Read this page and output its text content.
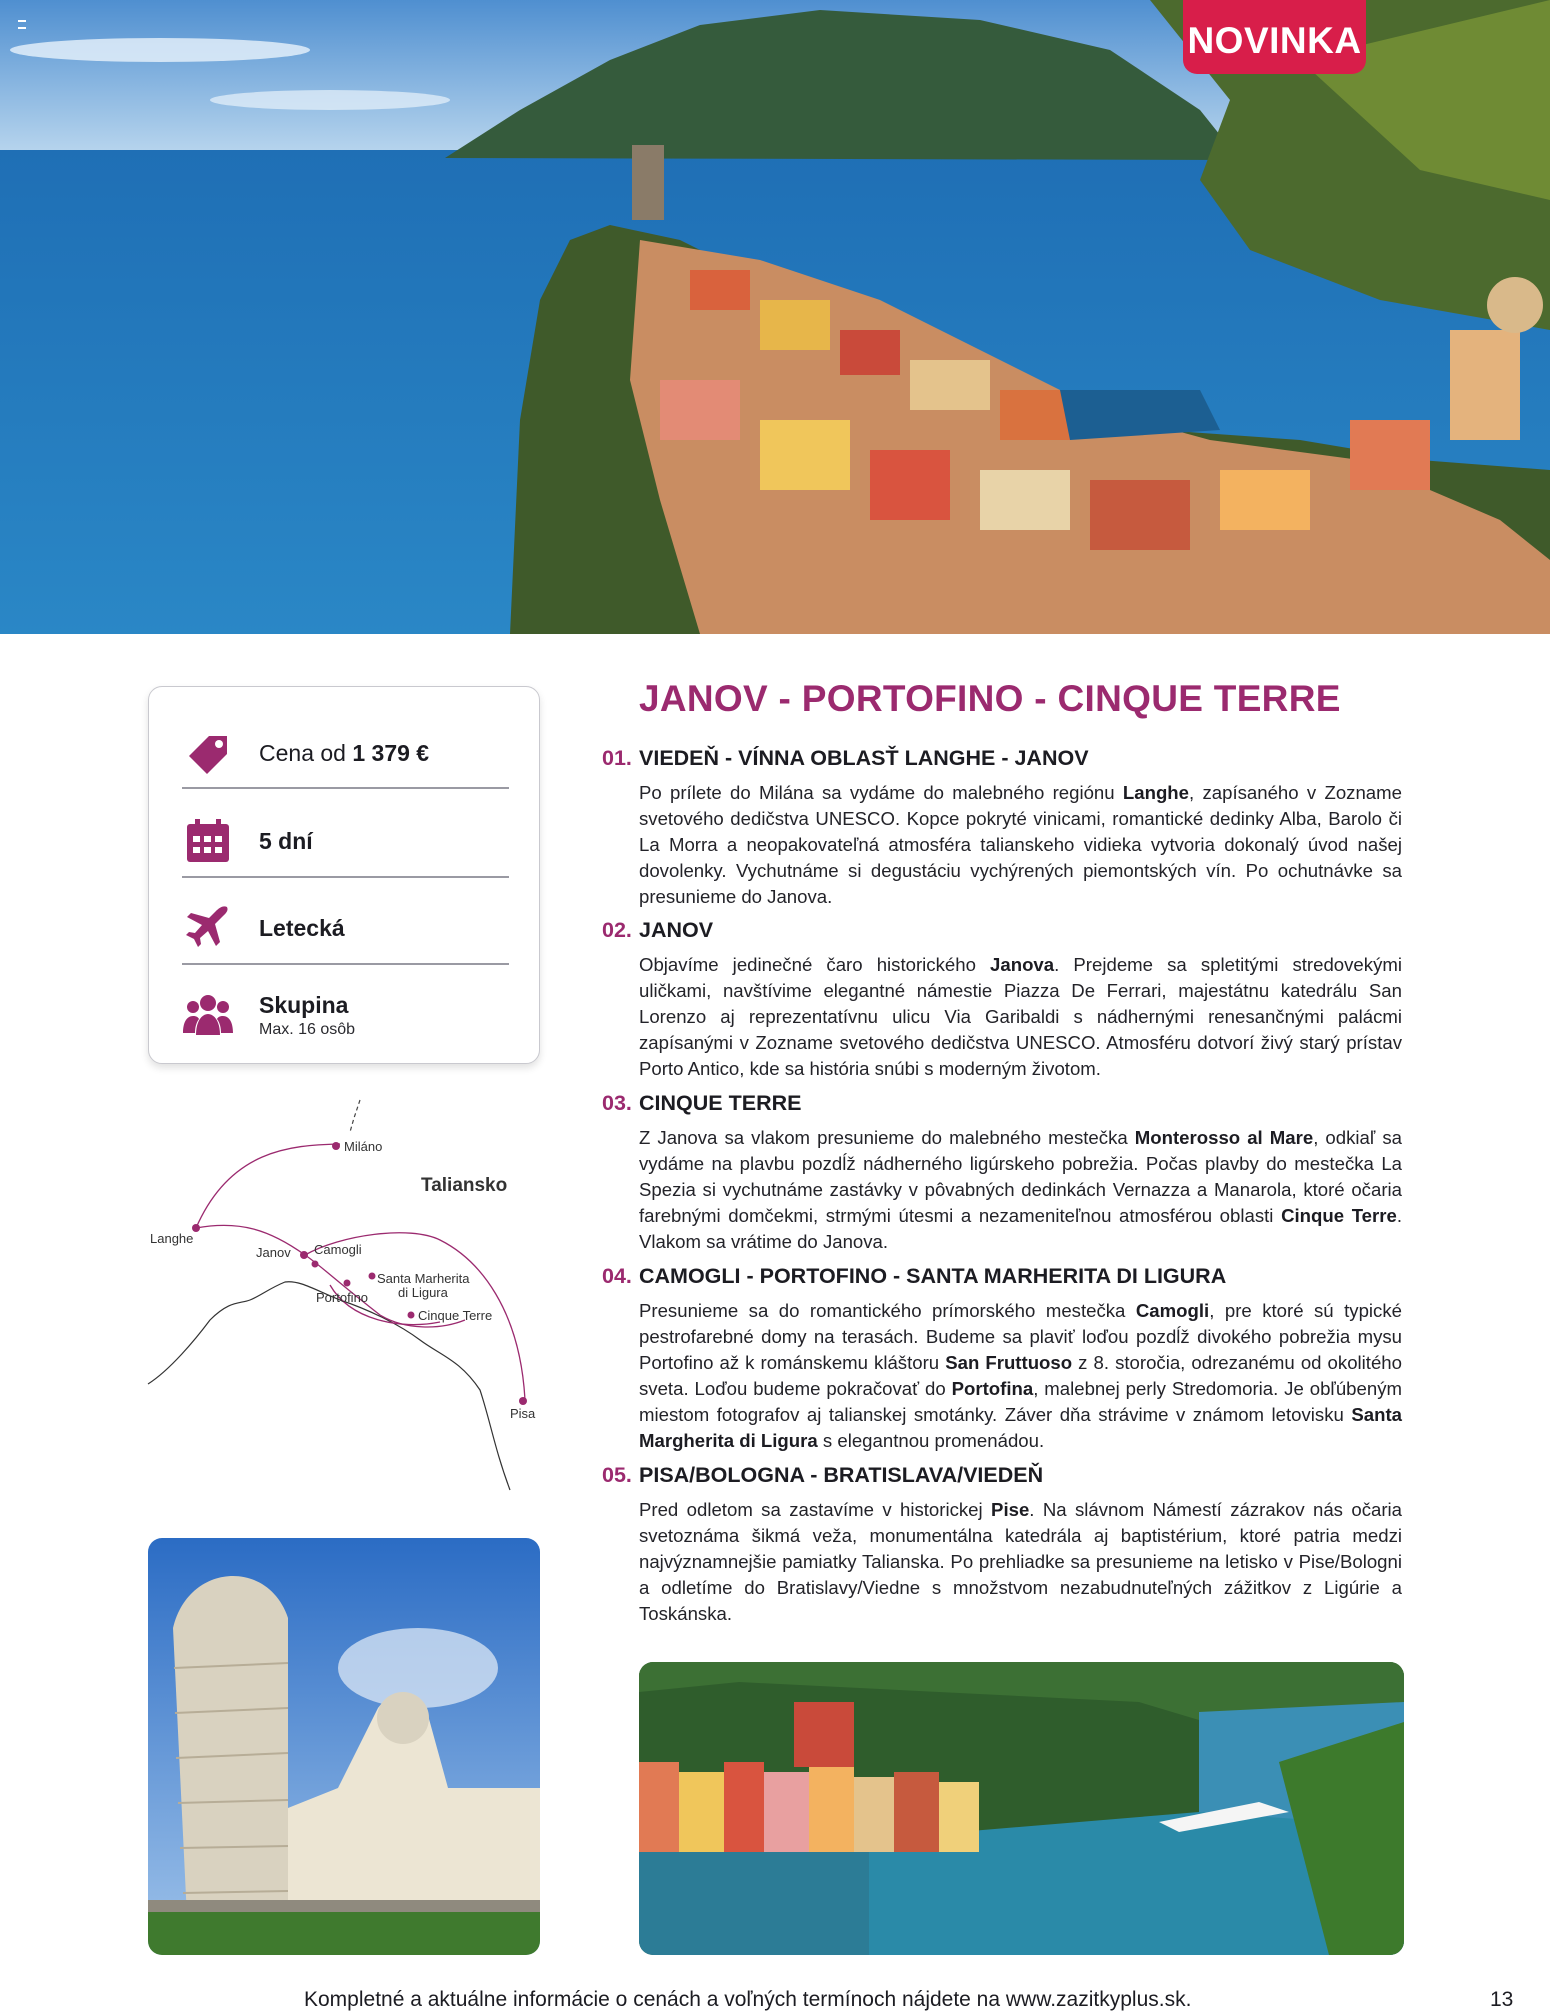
NOVINKA
Cena od 1 379 €
5 dní
Letecká
Skupina
Max. 16 osôb
Miláno
Langhe
Janov Camogli
Portofino
Santa Marherita
di Ligura
Cinque Terre
Pisa
Taliansko
JANOV - PORTOFINO - CINQUE TERRE
01. VIEDEŇ - VÍNNA OBLASŤ LANGHE - JANOV
Po prílete do Milána sa vydáme do malebného regiónu Langhe, zapísaného v Zozname svetového dedičstva UNESCO. Kopce pokryté vinicami, romantické dedinky Alba, Barolo či La Morra a neopakovateľná atmosféra talianskeho vidieka vytvoria dokonalý úvod našej dovolenky. Vychutnáme si degustáciu vychýrených piemontských vín. Po ochutnávke sa presunieme do Janova.
02. JANOV
Objavíme jedinečné čaro historického Janova. Prejdeme sa spletitými stredovekými uličkami, navštívime elegantné námestie Piazza De Ferrari, majestátnu katedrálu San Lorenzo aj reprezentatívnu ulicu Via Garibaldi s nádhernými renesančnými palácmi zapísanými v Zozname svetového dedičstva UNESCO. Atmosféru dotvorí živý starý prístav Porto Antico, kde sa história snúbi s moderným životom.
03. CINQUE TERRE
Z Janova sa vlakom presunieme do malebného mestečka Monterosso al Mare, odkiaľ sa vydáme na plavbu pozdĺž nádherného ligúrskeho pobrežia. Počas plavby do mestečka La Spezia si vychutnáme zastávky v pôvabných dedinkách Vernazza a Manarola, ktoré očaria farebnými domčekmi, strmými útesmi a nezameniteľnou atmosférou oblasti Cinque Terre. Vlakom sa vrátime do Janova.
04. CAMOGLI - PORTOFINO - SANTA MARHERITA DI LIGURA
Presunieme sa do romantického prímorského mestečka Camogli, pre ktoré sú typické pestrofarebné domy na terasách. Budeme sa plaviť loďou pozdĺž divokého pobrežia mysu Portofino až k románskemu kláštoru San Fruttuoso z 8. storočia, odrezanému od okolitého sveta. Loďou budeme pokračovať do Portofina, malebnej perly Stredomoria. Je obľúbeným miestom fotografov aj talianskej smotánky. Záver dňa strávime v známom letovisku Santa Margherita di Ligura s elegantnou promenádou.
05. PISA/BOLOGNA - BRATISLAVA/VIEDEŇ
Pred odletom sa zastavíme v historickej Pise. Na slávnom Námestí zázrakov nás očaria svetoznáma šikmá veža, monumentálna katedrála aj baptistérium, ktoré patria medzi najvýznamnejšie pamiatky Talianska. Po prehliadke sa presunieme na letisko v Pise/Bologni a odletíme do Bratislavy/Viedne s množstvom nezabudnuteľných zážitkov z Ligúrie a Toskánska.
Kompletné a aktuálne informácie o cenách a voľných termínoch nájdete na www.zazitkyplus.sk.	13
